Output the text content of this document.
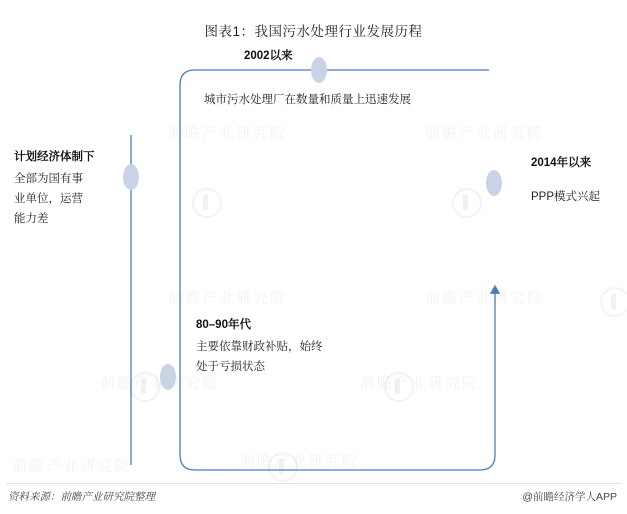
前瞻产业研究院	前瞻产业研究院
前瞻产业研究院	前瞻产业研究院
前瞻产业研究院	前瞻产业研究院
前瞻产业研究院
前瞻产业研究院
图表1：我国污水处理行业发展历程
计划经济体制下
全部为国有事
业单位，运营
能力差
80–90年代
主要依靠财政补贴，始终
处于亏损状态
2002以来
城市污水处理厂在数量和质量上迅速发展
2014年以来
PPP模式兴起
资料来源：前瞻产业研究院整理	@前瞻经济学人APP
